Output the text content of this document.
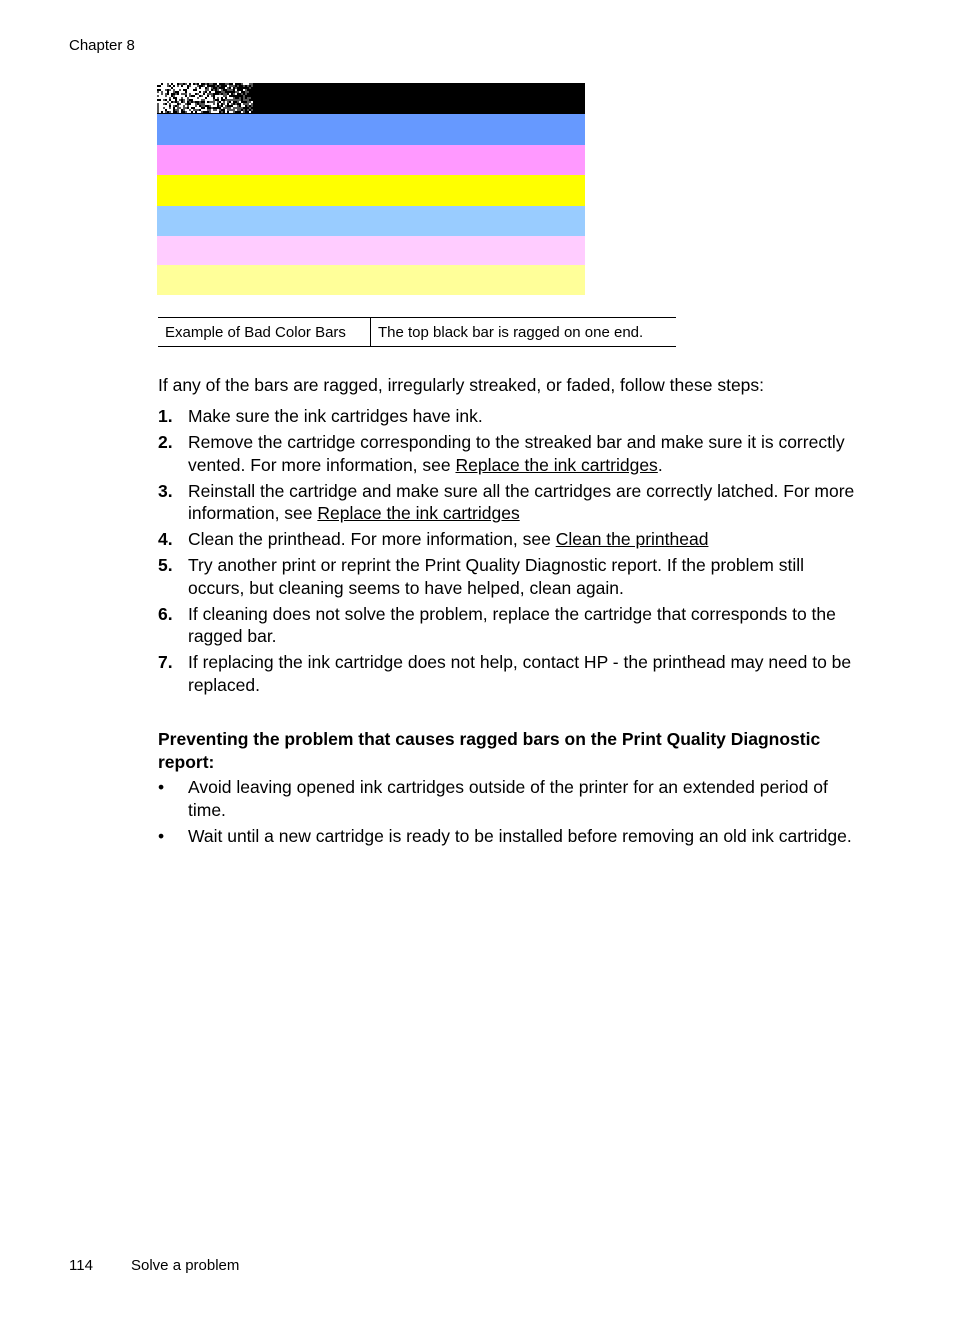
Chapter 8
Example of Bad Color Bars	The top black bar is ragged on one end.
If any of the bars are ragged, irregularly streaked, or faded, follow these steps:
1. Make sure the ink cartridges have ink.
2. Remove the cartridge corresponding to the streaked bar and make sure it is correctly vented. For more information, see Replace the ink cartridges.
3. Reinstall the cartridge and make sure all the cartridges are correctly latched. For more information, see Replace the ink cartridges
4. Clean the printhead. For more information, see Clean the printhead
5. Try another print or reprint the Print Quality Diagnostic report. If the problem still occurs, but cleaning seems to have helped, clean again.
6. If cleaning does not solve the problem, replace the cartridge that corresponds to the ragged bar.
7. If replacing the ink cartridge does not help, contact HP - the printhead may need to be replaced.
Preventing the problem that causes ragged bars on the Print Quality Diagnostic report:
• Avoid leaving opened ink cartridges outside of the printer for an extended period of time.
• Wait until a new cartridge is ready to be installed before removing an old ink cartridge.
114	Solve a problem
